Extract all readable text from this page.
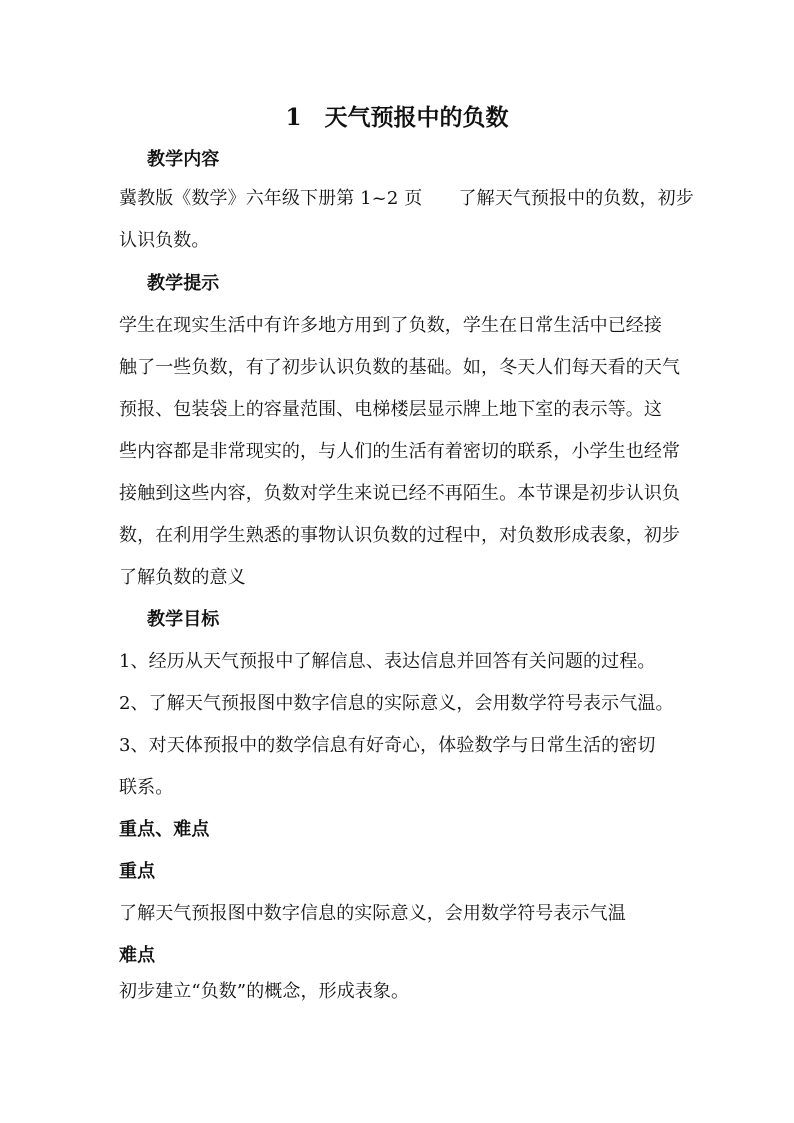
1　天气预报中的负数
教学内容
冀教版《数学》六年级下册第 1~2 页　　了解天气预报中的负数，初步
认识负数。
教学提示
学生在现实生活中有许多地方用到了负数，学生在日常生活中已经接
触了一些负数，有了初步认识负数的基础。如，冬天人们每天看的天气
预报、包装袋上的容量范围、电梯楼层显示牌上地下室的表示等。这
些内容都是非常现实的，与人们的生活有着密切的联系，小学生也经常
接触到这些内容，负数对学生来说已经不再陌生。本节课是初步认识负
数，在利用学生熟悉的事物认识负数的过程中，对负数形成表象，初步
了解负数的意义
教学目标
1、经历从天气预报中了解信息、表达信息并回答有关问题的过程。
2、了解天气预报图中数字信息的实际意义，会用数学符号表示气温。
3、对天体预报中的数学信息有好奇心，体验数学与日常生活的密切
联系。
重点、难点
重点
了解天气预报图中数字信息的实际意义，会用数学符号表示气温
难点
初步建立“负数”的概念，形成表象。
